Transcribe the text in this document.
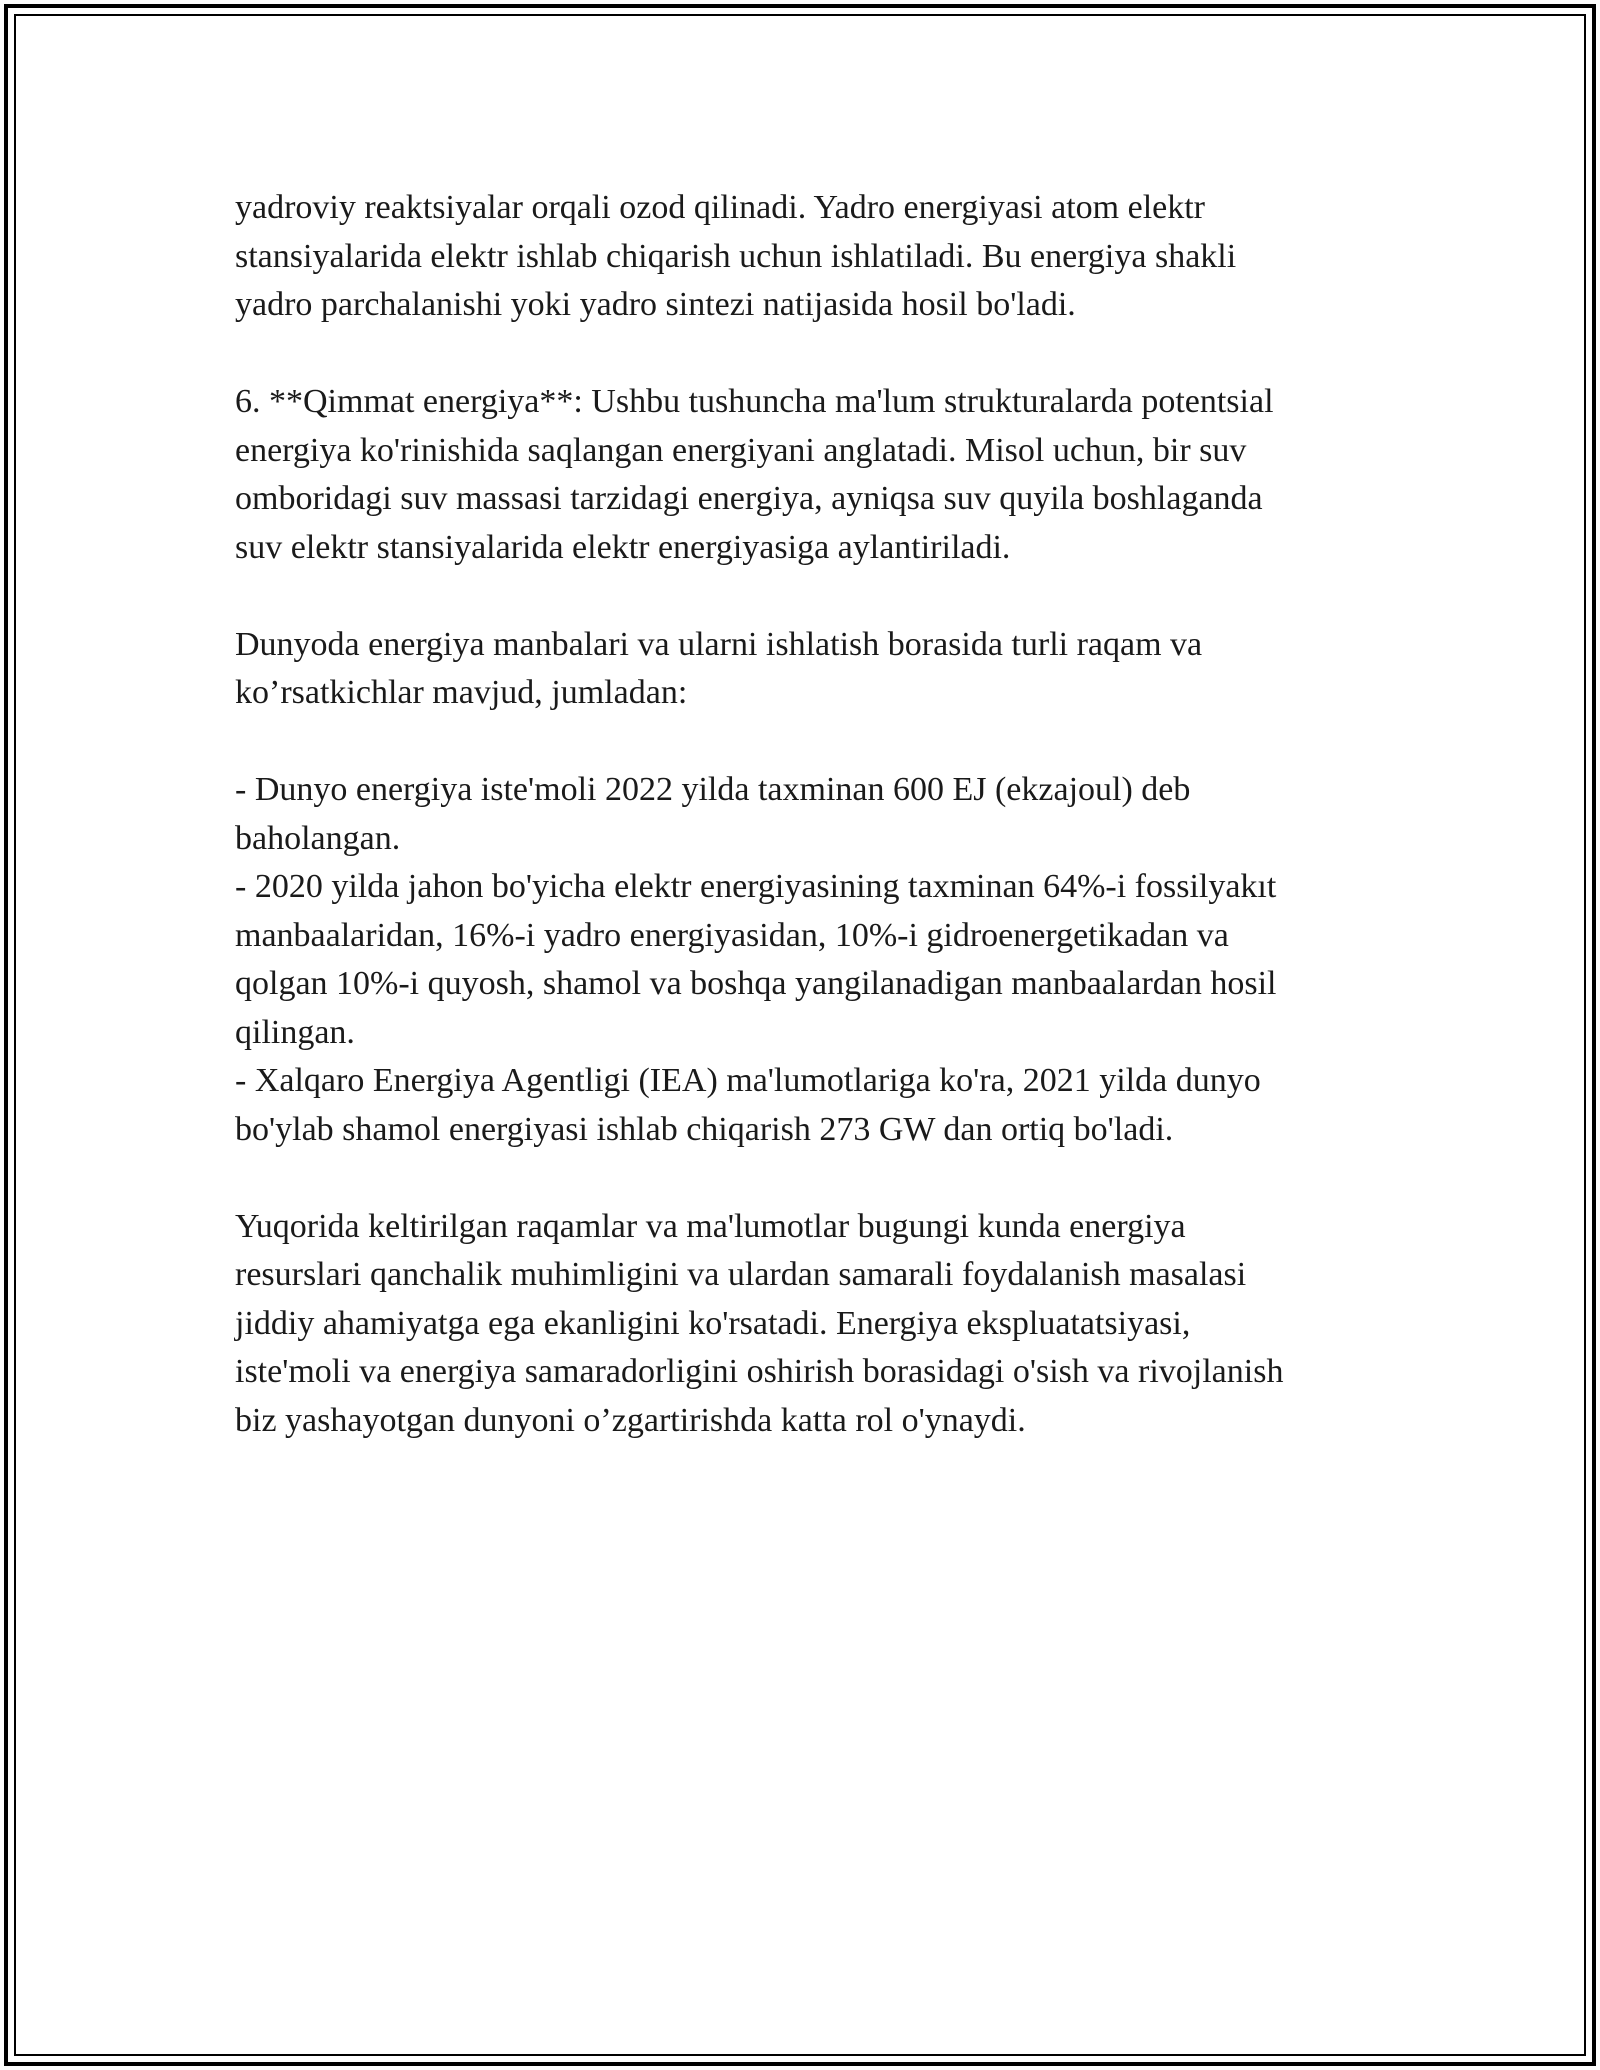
yadroviy reaktsiyalar orqali ozod qilinadi. Yadro energiyasi atom elektr

stansiyalarida elektr ishlab chiqarish uchun ishlatiladi. Bu energiya shakli

yadro parchalanishi yoki yadro sintezi natijasida hosil bo'ladi.

6. **Qimmat energiya**: Ushbu tushuncha ma'lum strukturalarda potentsial

energiya ko'rinishida saqlangan energiyani anglatadi. Misol uchun, bir suv

omboridagi suv massasi tarzidagi energiya, ayniqsa suv quyila boshlaganda

suv elektr stansiyalarida elektr energiyasiga aylantiriladi.

Dunyoda energiya manbalari va ularni ishlatish borasida turli raqam va

ko’rsatkichlar mavjud, jumladan:

- Dunyo energiya iste'moli 2022 yilda taxminan 600 EJ (ekzajoul) deb

baholangan.

- 2020 yilda jahon bo'yicha elektr energiyasining taxminan 64%-i fossilyakıt

manbaalaridan, 16%-i yadro energiyasidan, 10%-i gidroenergetikadan va

qolgan 10%-i quyosh, shamol va boshqa yangilanadigan manbaalardan hosil

qilingan.

- Xalqaro Energiya Agentligi (IEA) ma'lumotlariga ko'ra, 2021 yilda dunyo

bo'ylab shamol energiyasi ishlab chiqarish 273 GW dan ortiq bo'ladi.

Yuqorida keltirilgan raqamlar va ma'lumotlar bugungi kunda energiya

resurslari qanchalik muhimligini va ulardan samarali foydalanish masalasi

jiddiy ahamiyatga ega ekanligini ko'rsatadi. Energiya ekspluatatsiyasi,

iste'moli va energiya samaradorligini oshirish borasidagi o'sish va rivojlanish

biz yashayotgan dunyoni o’zgartirishda katta rol o'ynaydi.
